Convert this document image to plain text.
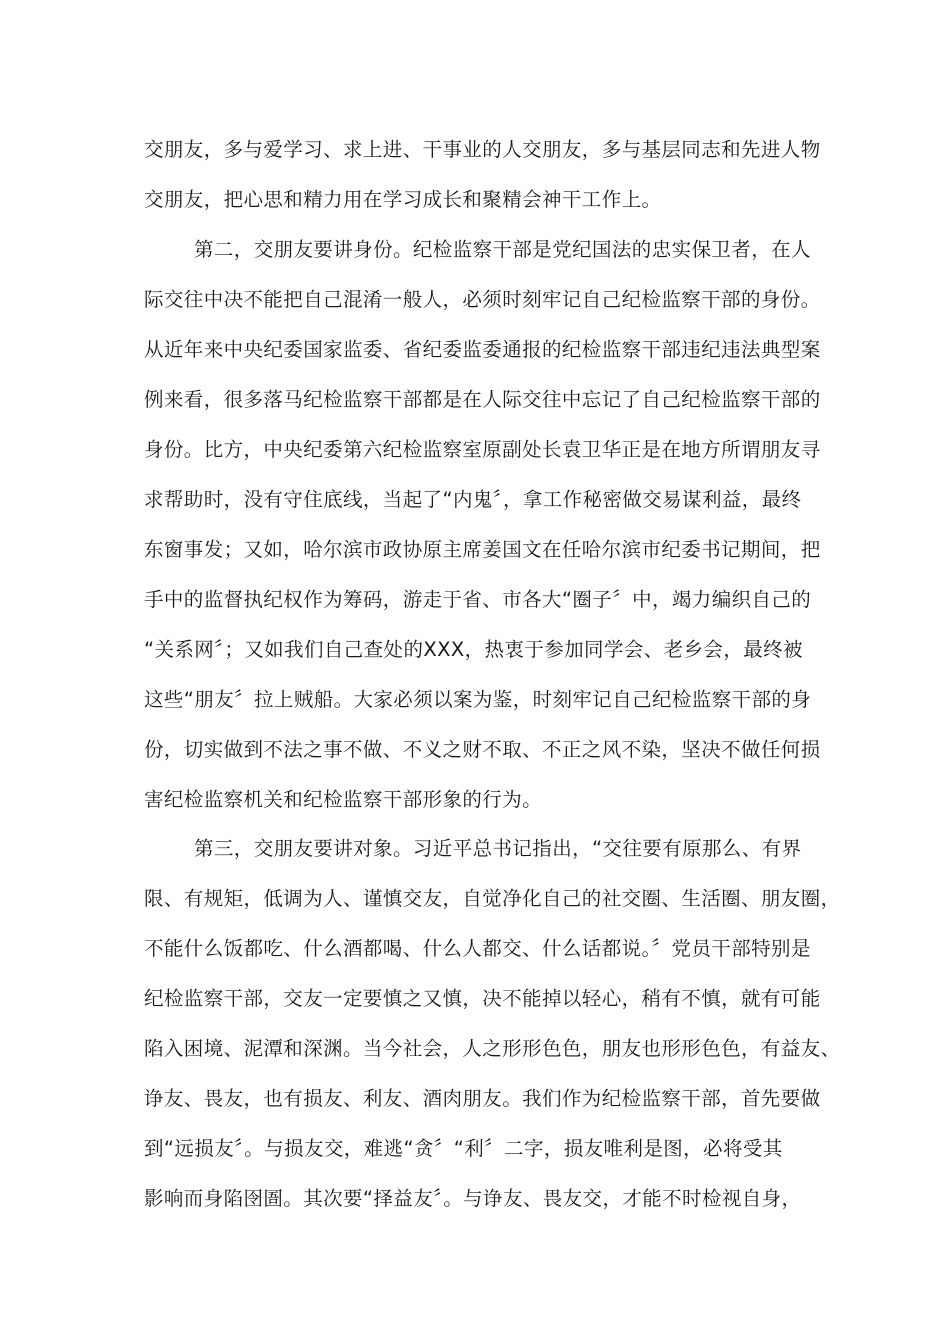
交朋友，多与爱学习、求上进、干事业的人交朋友，多与基层同志和先进人物
交朋友，把心思和精力用在学习成长和聚精会神干工作上。
第二，交朋友要讲身份。纪检监察干部是党纪国法的忠实保卫者，在人
际交往中决不能把自己混淆一般人，必须时刻牢记自己纪检监察干部的身份。
从近年来中央纪委国家监委、省纪委监委通报的纪检监察干部违纪违法典型案
例来看，很多落马纪检监察干部都是在人际交往中忘记了自己纪检监察干部的
身份。比方，中央纪委第六纪检监察室原副处长袁卫华正是在地方所谓朋友寻
求帮助时，没有守住底线，当起了“内鬼〞，拿工作秘密做交易谋利益，最终
东窗事发；又如，哈尔滨市政协原主席姜国文在任哈尔滨市纪委书记期间，把
手中的监督执纪权作为筹码，游走于省、市各大“圈子〞中，竭力编织自己的
“关系网〞；又如我们自己查处的XXX，热衷于参加同学会、老乡会，最终被
这些“朋友〞拉上贼船。大家必须以案为鉴，时刻牢记自己纪检监察干部的身
份，切实做到不法之事不做、不义之财不取、不正之风不染，坚决不做任何损
害纪检监察机关和纪检监察干部形象的行为。
第三，交朋友要讲对象。习近平总书记指出，“交往要有原那么、有界
限、有规矩，低调为人、谨慎交友，自觉净化自己的社交圈、生活圈、朋友圈，
不能什么饭都吃、什么酒都喝、什么人都交、什么话都说。〞党员干部特别是
纪检监察干部，交友一定要慎之又慎，决不能掉以轻心，稍有不慎，就有可能
陷入困境、泥潭和深渊。当今社会，人之形形色色，朋友也形形色色，有益友、
诤友、畏友，也有损友、利友、酒肉朋友。我们作为纪检监察干部，首先要做
到“远损友〞。与损友交，难逃“贪〞“利〞二字，损友唯利是图，必将受其
影响而身陷囹圄。其次要“择益友〞。与诤友、畏友交，才能不时检视自身，
